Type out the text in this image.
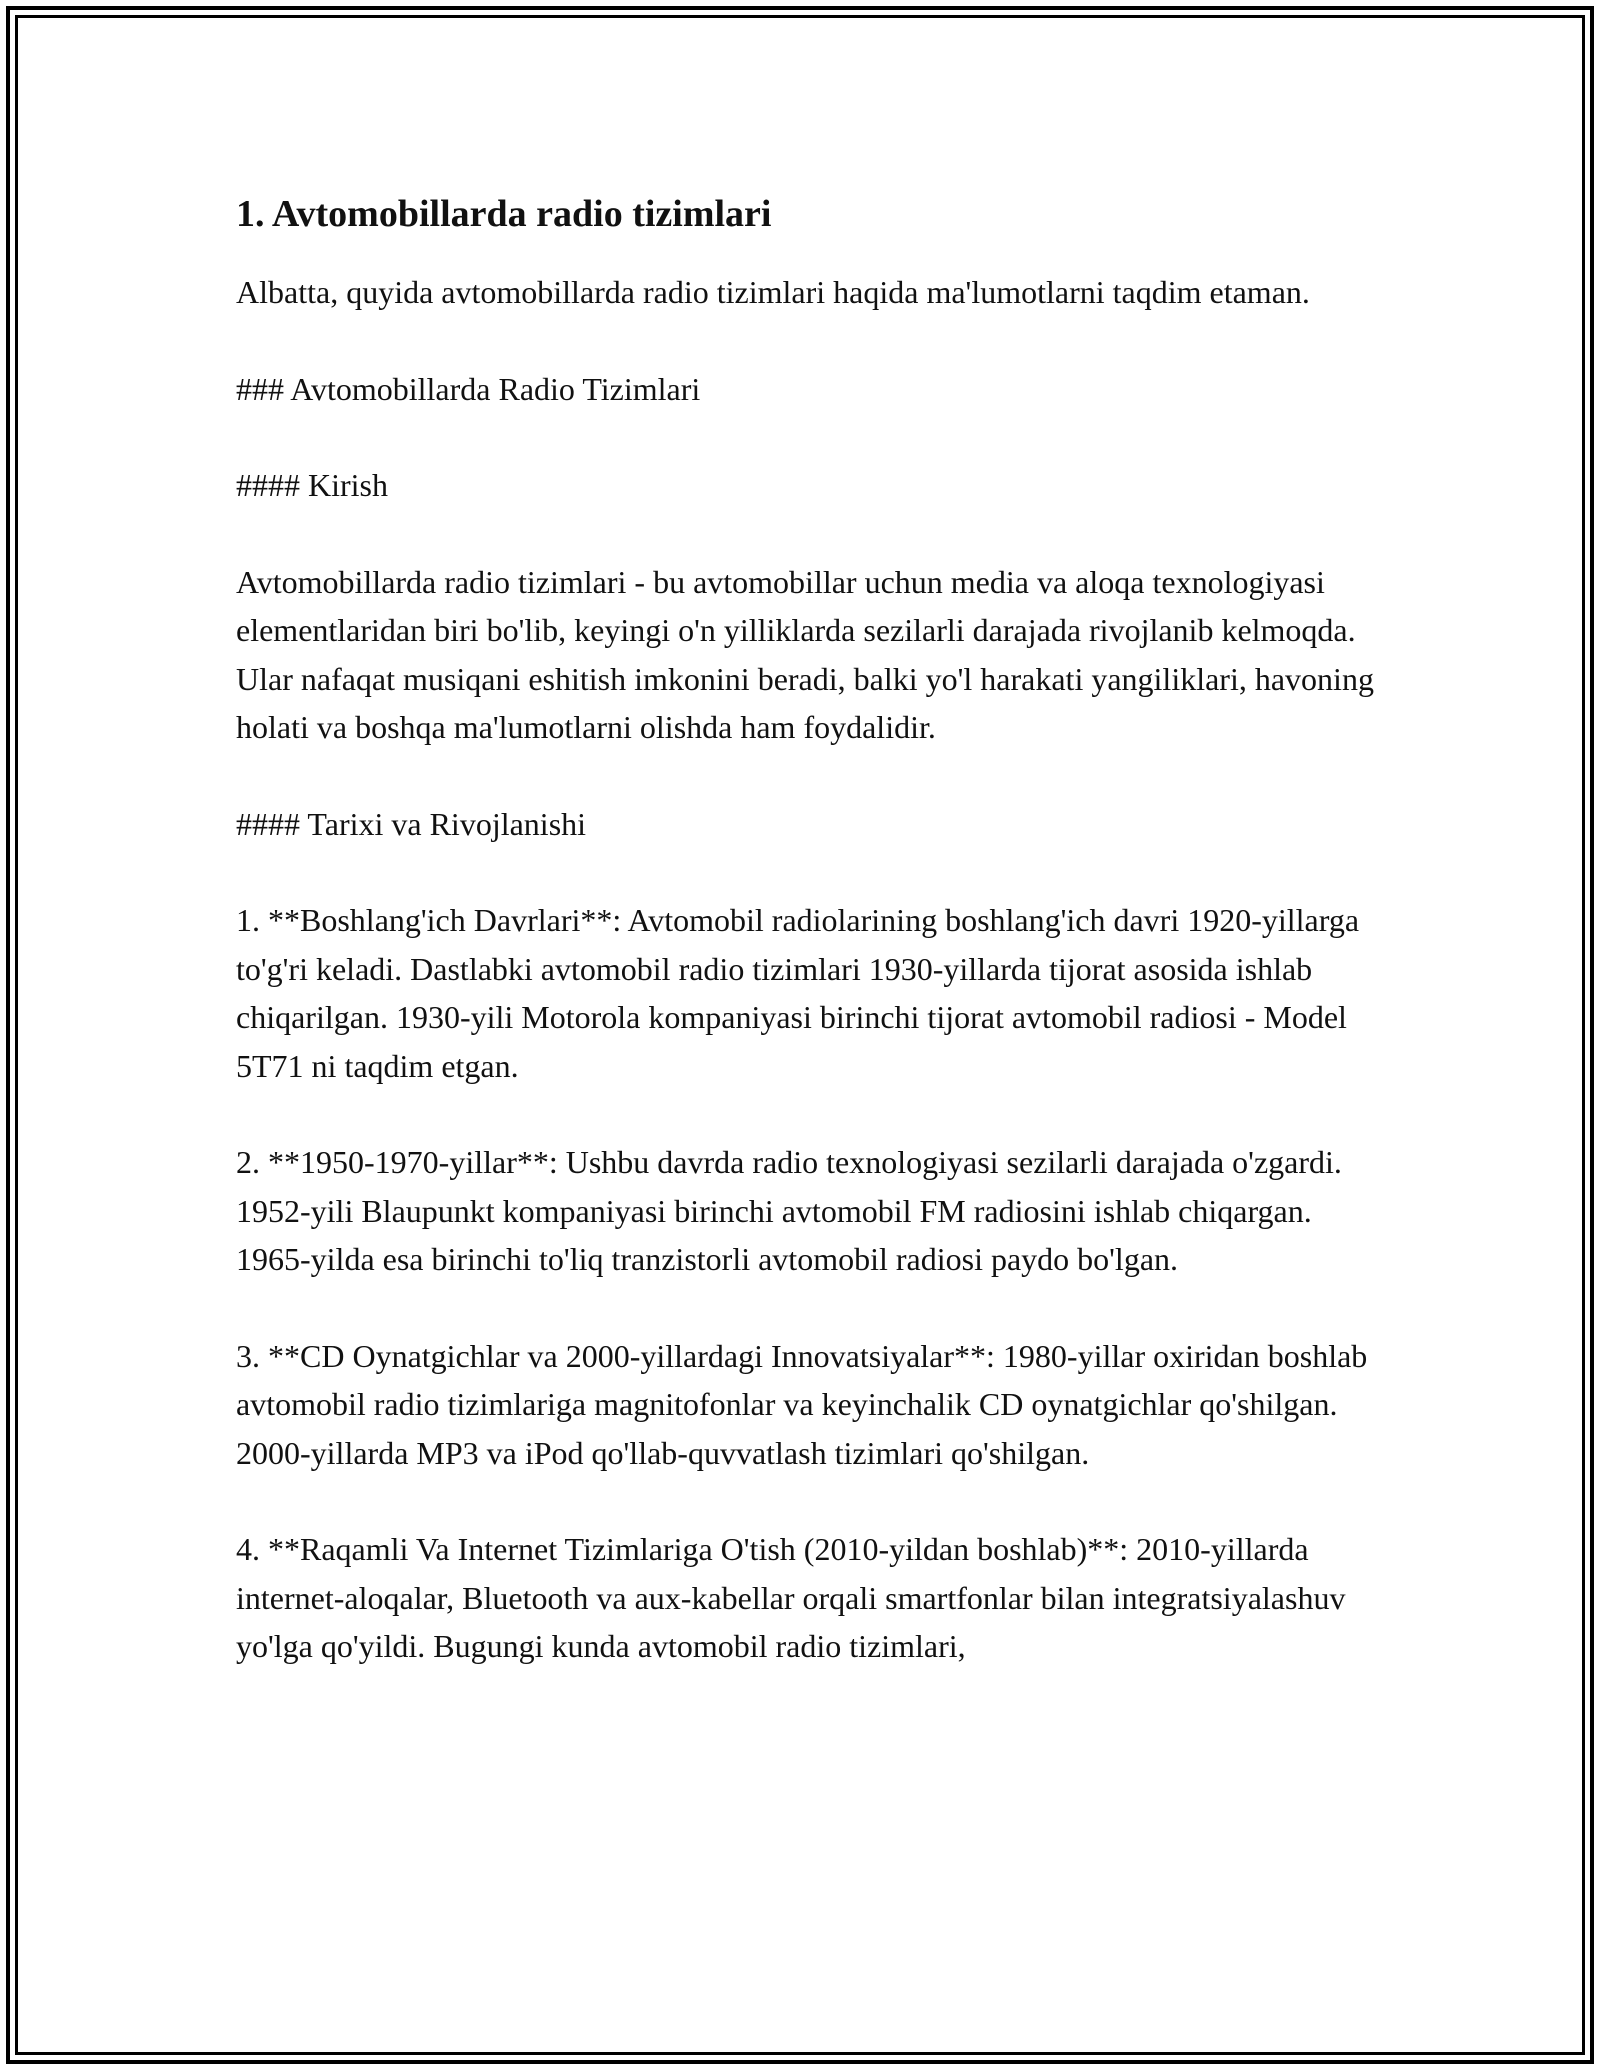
1. Avtomobillarda radio tizimlari

Albatta, quyida avtomobillarda radio tizimlari haqida ma'lumotlarni taqdim etaman.

### Avtomobillarda Radio Tizimlari

#### Kirish

Avtomobillarda radio tizimlari - bu avtomobillar uchun media va aloqa texnologiyasi elementlaridan biri bo'lib, keyingi o'n yilliklarda sezilarli darajada rivojlanib kelmoqda. Ular nafaqat musiqani eshitish imkonini beradi, balki yo'l harakati yangiliklari, havoning holati va boshqa ma'lumotlarni olishda ham foydalidir.

#### Tarixi va Rivojlanishi

1. **Boshlang'ich Davrlari**: Avtomobil radiolarining boshlang'ich davri 1920-yillarga to'g'ri keladi. Dastlabki avtomobil radio tizimlari 1930-yillarda tijorat asosida ishlab chiqarilgan. 1930-yili Motorola kompaniyasi birinchi tijorat avtomobil radiosi - Model 5T71 ni taqdim etgan.

2. **1950-1970-yillar**: Ushbu davrda radio texnologiyasi sezilarli darajada o'zgardi. 1952-yili Blaupunkt kompaniyasi birinchi avtomobil FM radiosini ishlab chiqargan. 1965-yilda esa birinchi to'liq tranzistorli avtomobil radiosi paydo bo'lgan.

3. **CD Oynatgichlar va 2000-yillardagi Innovatsiyalar**: 1980-yillar oxiridan boshlab avtomobil radio tizimlariga magnitofonlar va keyinchalik CD oynatgichlar qo'shilgan. 2000-yillarda MP3 va iPod qo'llab-quvvatlash tizimlari qo'shilgan.

4. **Raqamli Va Internet Tizimlariga O'tish (2010-yildan boshlab)**: 2010-yillarda internet-aloqalar, Bluetooth va aux-kabellar orqali smartfonlar bilan integratsiyalashuv yo'lga qo'yildi. Bugungi kunda avtomobil radio tizimlari,
